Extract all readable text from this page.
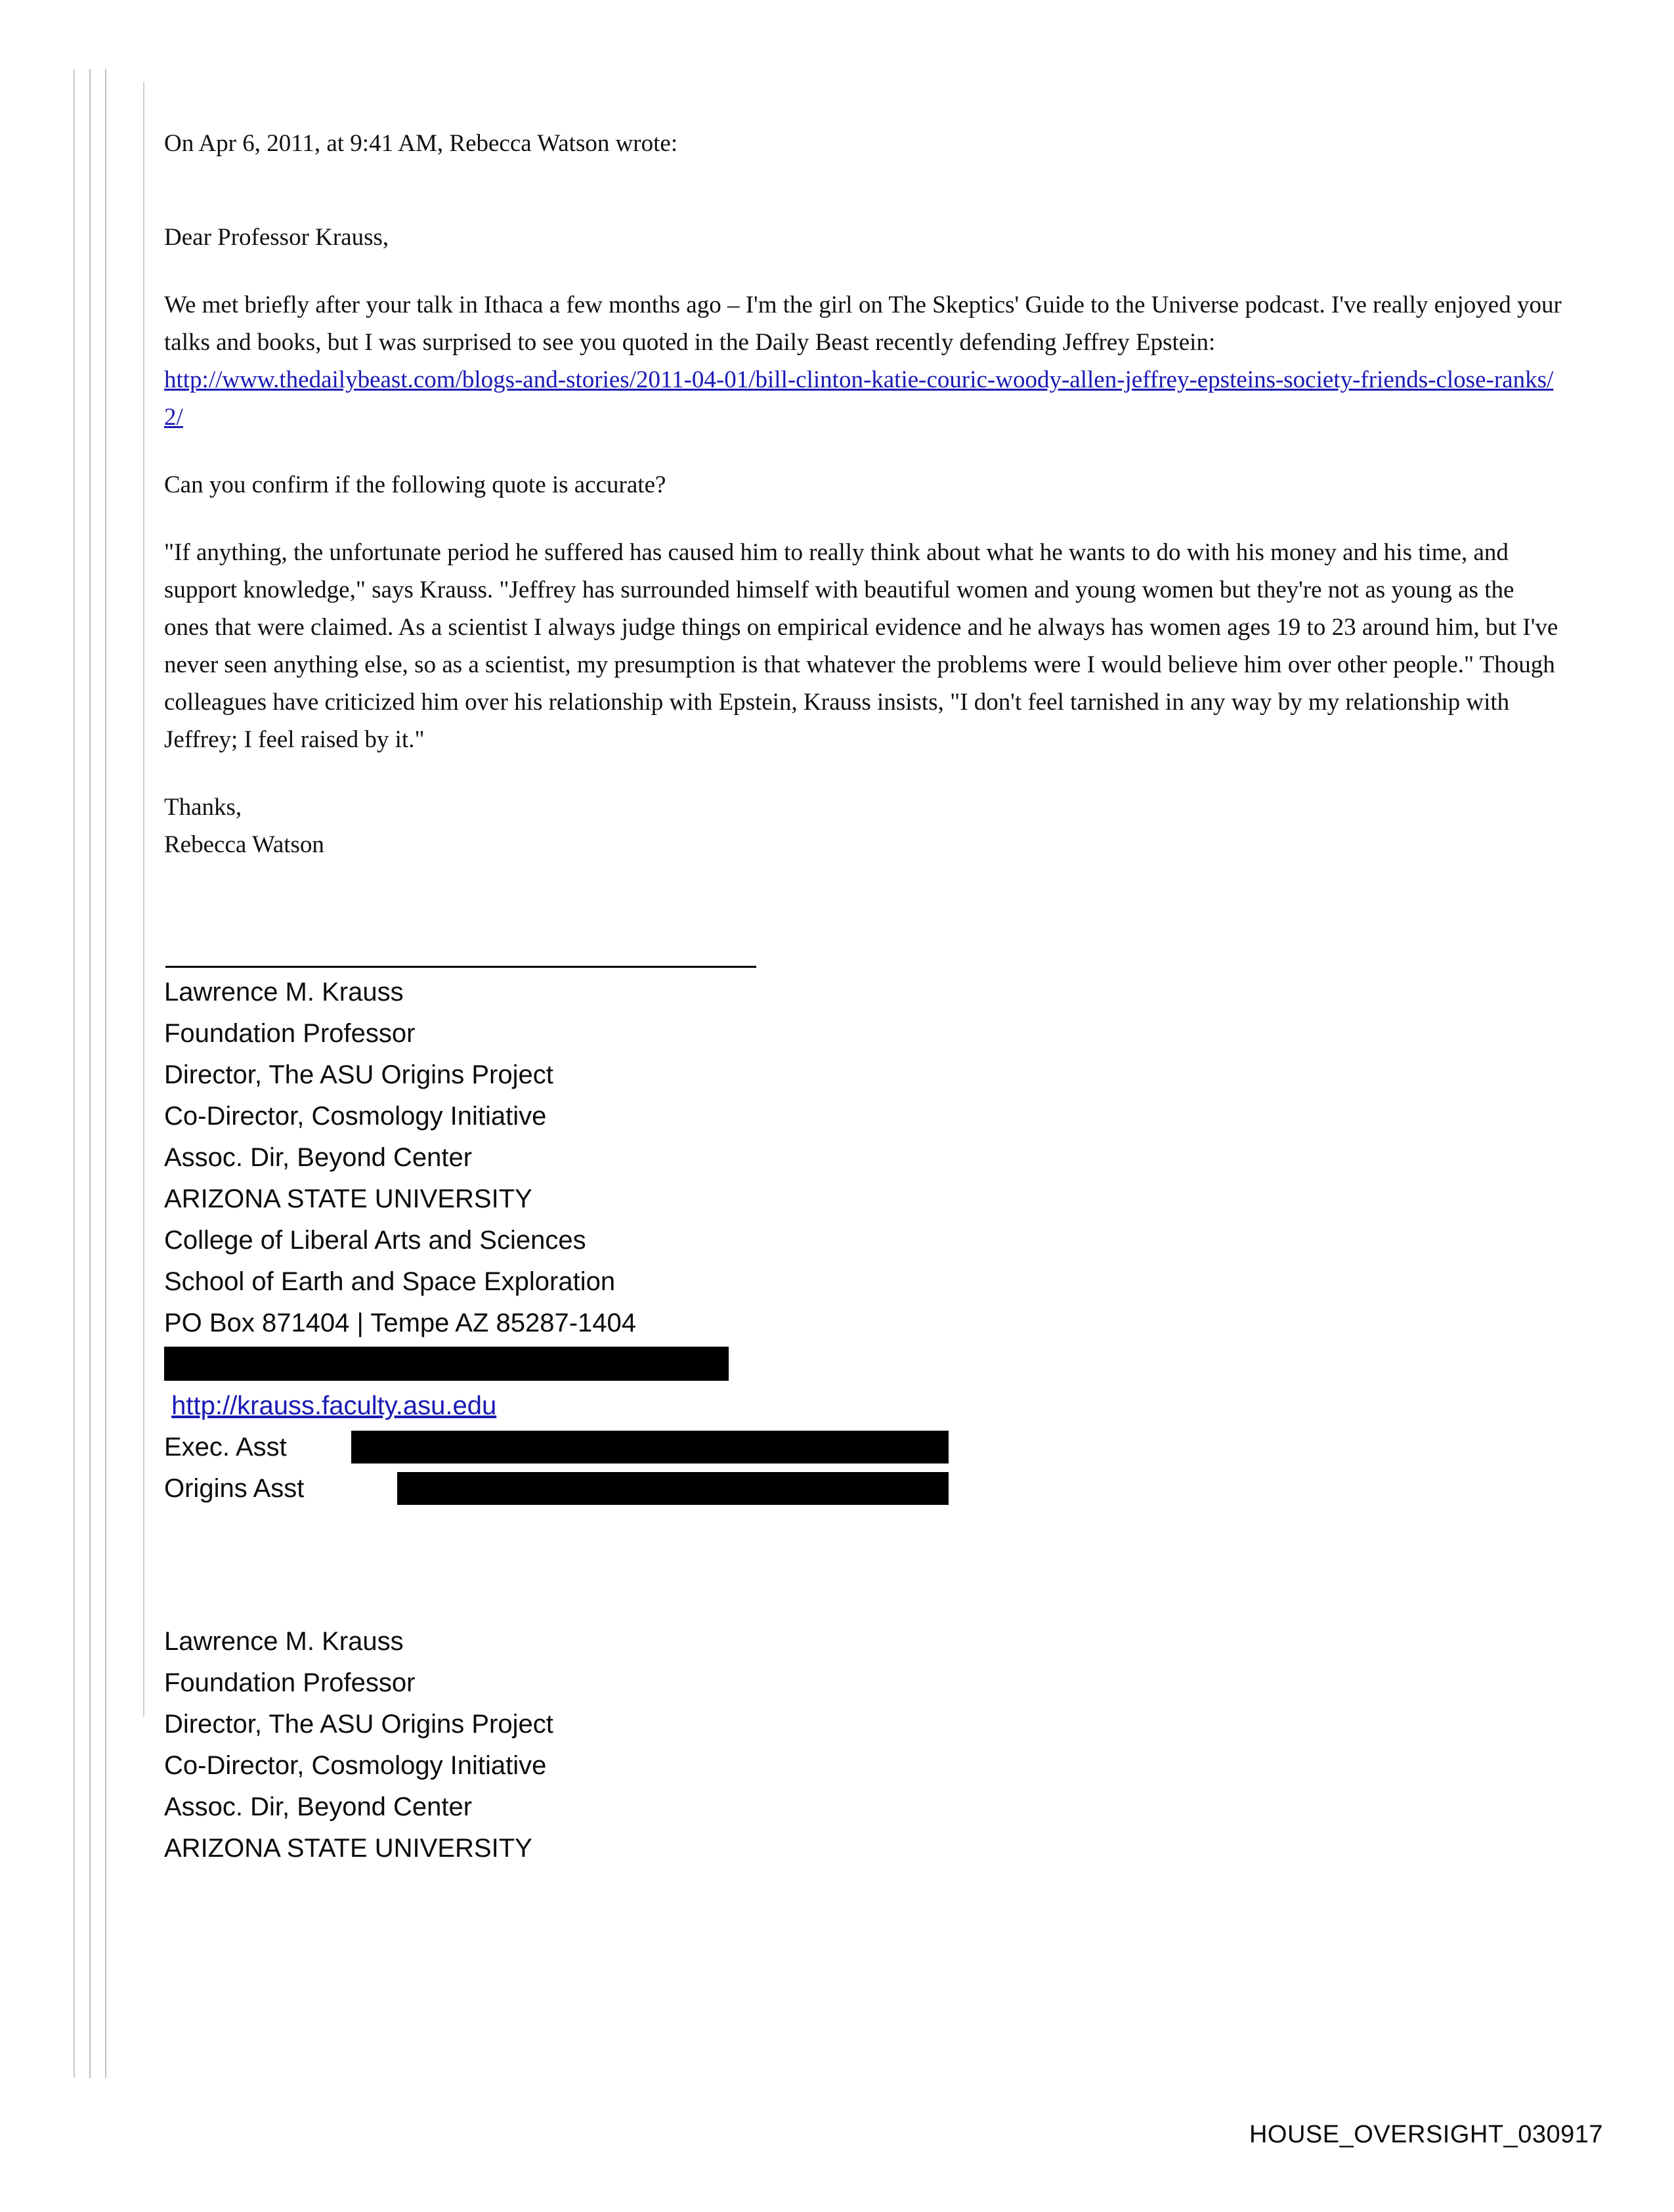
On Apr 6, 2011, at 9:41 AM, Rebecca Watson wrote:

Dear Professor Krauss,

We met briefly after your talk in Ithaca a few months ago – I'm the girl on The Skeptics' Guide to the Universe podcast. I've really enjoyed your talks and books, but I was surprised to see you quoted in the Daily Beast recently defending Jeffrey Epstein:
http://www.thedailybeast.com/blogs-and-stories/2011-04-01/bill-clinton-katie-couric-woody-allen-jeffrey-epsteins-society-friends-close-ranks/2/

Can you confirm if the following quote is accurate?

"If anything, the unfortunate period he suffered has caused him to really think about what he wants to do with his money and his time, and support knowledge," says Krauss. "Jeffrey has surrounded himself with beautiful women and young women but they're not as young as the ones that were claimed. As a scientist I always judge things on empirical evidence and he always has women ages 19 to 23 around him, but I've never seen anything else, so as a scientist, my presumption is that whatever the problems were I would believe him over other people." Though colleagues have criticized him over his relationship with Epstein, Krauss insists, "I don't feel tarnished in any way by my relationship with Jeffrey; I feel raised by it."

Thanks,

Rebecca Watson

Lawrence M. Krauss
Foundation Professor
Director, The ASU Origins Project
Co-Director, Cosmology Initiative
Assoc. Dir, Beyond Center
ARIZONA STATE UNIVERSITY
College of Liberal Arts and Sciences
School of Earth and Space Exploration
PO Box 871404 | Tempe AZ 85287-1404
http://krauss.faculty.asu.edu
Exec. Asst
Origins Asst
Lawrence M. Krauss
Foundation Professor
Director, The ASU Origins Project
Co-Director, Cosmology Initiative
Assoc. Dir, Beyond Center
ARIZONA STATE UNIVERSITY
HOUSE_OVERSIGHT_030917
